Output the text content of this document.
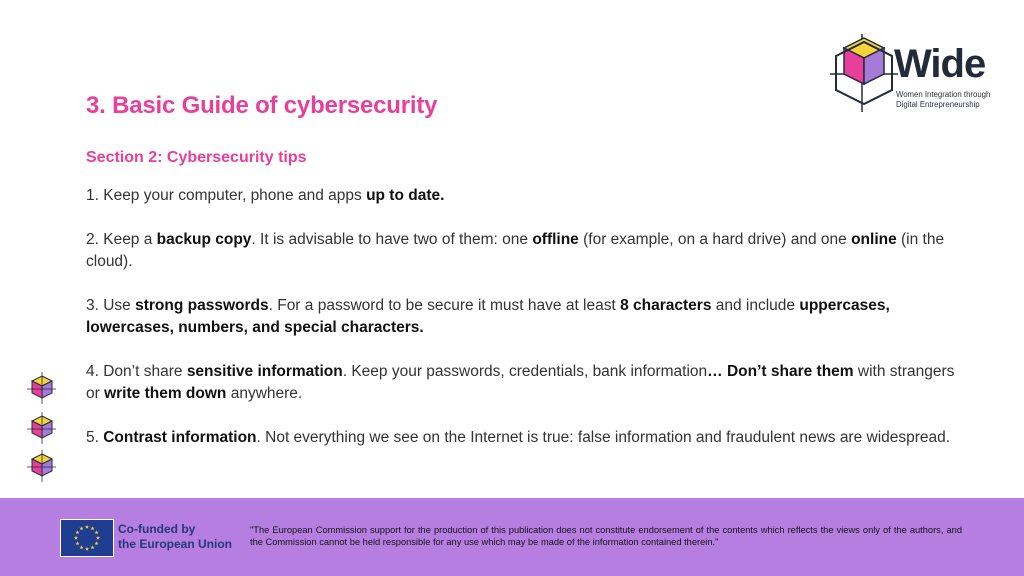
Wide
Women Integration through Digital Entrepreneurship
3. Basic Guide of cybersecurity
Section 2: Cybersecurity tips

1. Keep your computer, phone and apps up to date.

2. Keep a backup copy. It is advisable to have two of them: one offline (for example, on a hard drive) and one online (in the cloud).

3. Use strong passwords. For a password to be secure it must have at least 8 characters and include uppercases, lowercases, numbers, and special characters.

4. Don’t share sensitive information. Keep your passwords, credentials, bank information… Don’t share them with strangers or write them down anywhere.

5. Contrast information. Not everything we see on the Internet is true: false information and fraudulent news are widespread.

Co-funded by
the European Union
"The European Commission support for the production of this publication does not constitute endorsement of the contents which reflects the views only of the authors, and the Commission cannot be held responsible for any use which may be made of the information contained therein."
